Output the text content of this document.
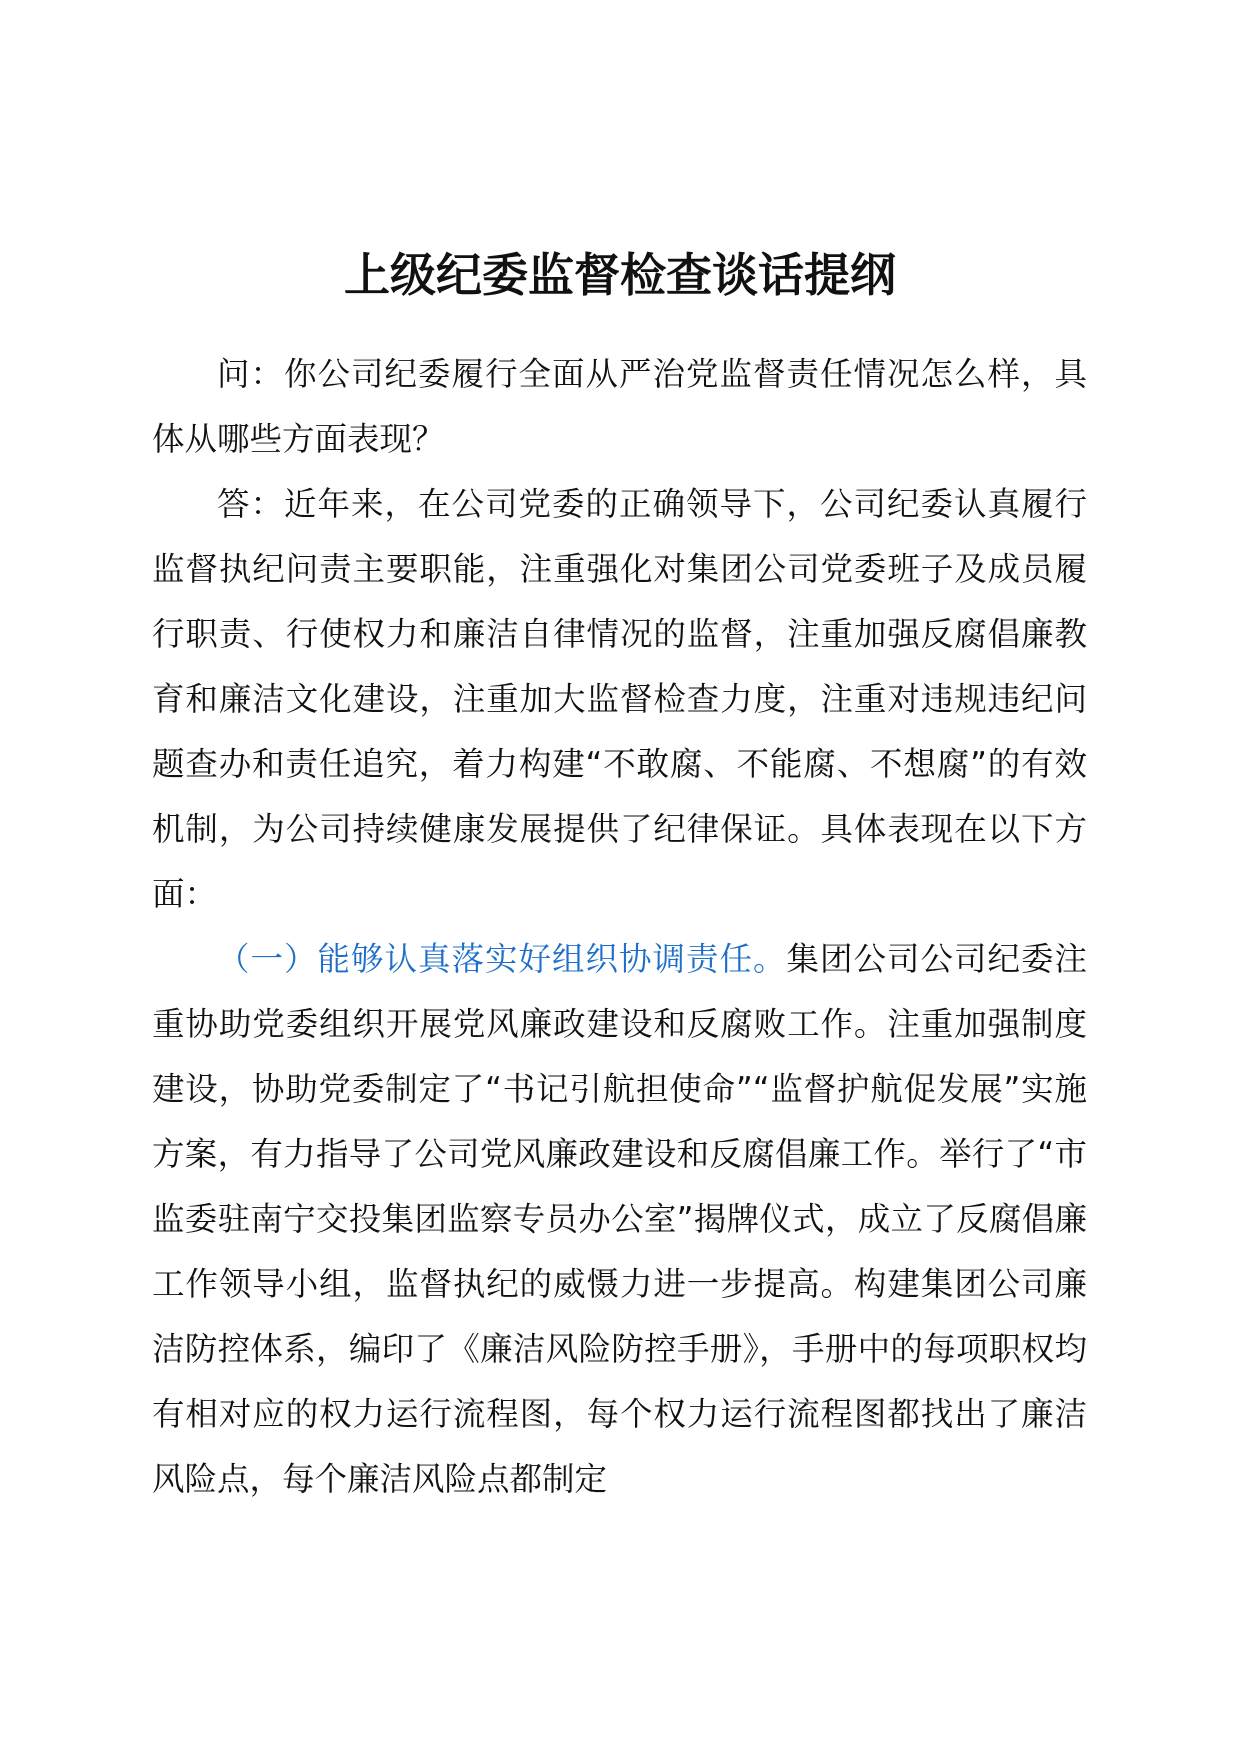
上级纪委监督检查谈话提纲

问：你公司纪委履行全面从严治党监督责任情况怎么样，具体从哪些方面表现？

答：近年来，在公司党委的正确领导下，公司纪委认真履行监督执纪问责主要职能，注重强化对集团公司党委班子及成员履行职责、行使权力和廉洁自律情况的监督，注重加强反腐倡廉教育和廉洁文化建设，注重加大监督检查力度，注重对违规违纪问题查办和责任追究，着力构建“不敢腐、不能腐、不想腐”的有效机制，为公司持续健康发展提供了纪律保证。具体表现在以下方面：

（一）能够认真落实好组织协调责任。集团公司公司纪委注重协助党委组织开展党风廉政建设和反腐败工作。注重加强制度建设，协助党委制定了“书记引航担使命”“监督护航促发展”实施方案，有力指导了公司党风廉政建设和反腐倡廉工作。举行了“市监委驻南宁交投集团监察专员办公室”揭牌仪式，成立了反腐倡廉工作领导小组，监督执纪的威慑力进一步提高。构建集团公司廉洁防控体系，编印了《廉洁风险防控手册》，手册中的每项职权均有相对应的权力运行流程图，每个权力运行流程图都找出了廉洁风险点，每个廉洁风险点都制定
